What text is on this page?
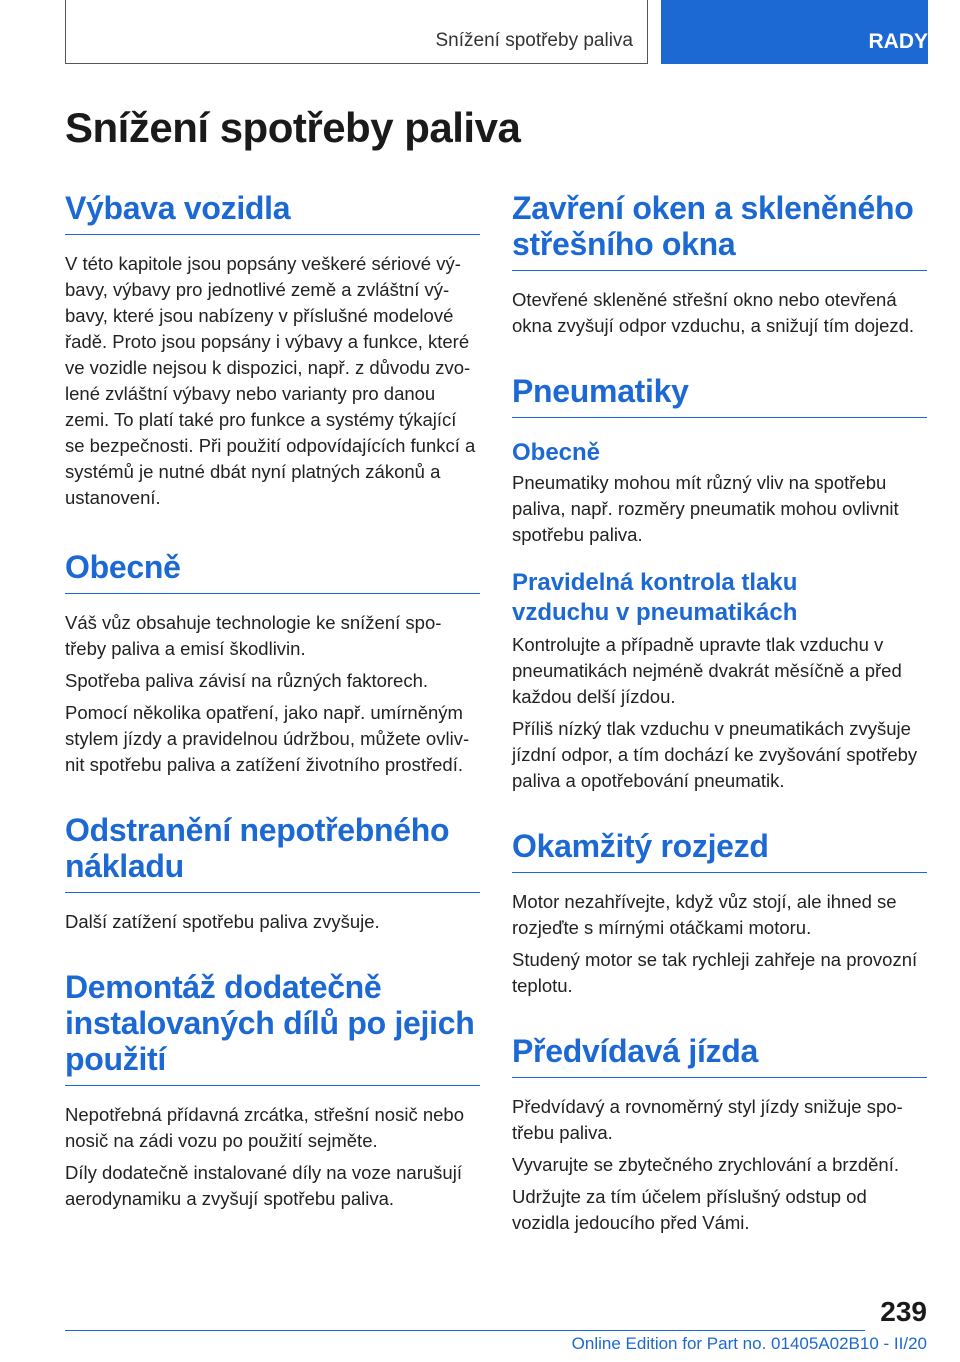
Snížení spotřeby paliva	RADY
Snížení spotřeby paliva
Výbava vozidla

V této kapitole jsou popsány veškeré sériové vý‐
bavy, výbavy pro jednotlivé země a zvláštní vý‐
bavy, které jsou nabízeny v příslušné modelové
řadě. Proto jsou popsány i výbavy a funkce, které
ve vozidle nejsou k dispozici, např. z důvodu zvo‐
lené zvláštní výbavy nebo varianty pro danou
zemi. To platí také pro funkce a systémy týkající
se bezpečnosti. Při použití odpovídajících funkcí a
systémů je nutné dbát nyní platných zákonů a
ustanovení.

Obecně

Váš vůz obsahuje technologie ke snížení spo‐
třeby paliva a emisí škodlivin.

Spotřeba paliva závisí na různých faktorech.

Pomocí několika opatření, jako např. umírněným
stylem jízdy a pravidelnou údržbou, můžete ovliv‐
nit spotřebu paliva a zatížení životního prostředí.

Odstranění nepotřebného
nákladu

Další zatížení spotřebu paliva zvyšuje.

Demontáž dodatečně
instalovaných dílů po jejich
použití

Nepotřebná přídavná zrcátka, střešní nosič nebo
nosič na zádi vozu po použití sejměte.

Díly dodatečně instalované díly na voze narušují
aerodynamiku a zvyšují spotřebu paliva.

Zavření oken a skleněného
střešního okna

Otevřené skleněné střešní okno nebo otevřená
okna zvyšují odpor vzduchu, a snižují tím dojezd.

Pneumatiky
Obecně

Pneumatiky mohou mít různý vliv na spotřebu
paliva, např. rozměry pneumatik mohou ovlivnit
spotřebu paliva.

Pravidelná kontrola tlaku
vzduchu v pneumatikách

Kontrolujte a případně upravte tlak vzduchu v
pneumatikách nejméně dvakrát měsíčně a před
každou delší jízdou.

Příliš nízký tlak vzduchu v pneumatikách zvyšuje
jízdní odpor, a tím dochází ke zvyšování spotřeby
paliva a opotřebování pneumatik.

Okamžitý rozjezd

Motor nezahřívejte, když vůz stojí, ale ihned se
rozjeďte s mírnými otáčkami motoru.

Studený motor se tak rychleji zahřeje na provozní
teplotu.

Předvídavá jízda

Předvídavý a rovnoměrný styl jízdy snižuje spo‐
třebu paliva.

Vyvarujte se zbytečného zrychlování a brzdění.

Udržujte za tím účelem příslušný odstup od
vozidla jedoucího před Vámi.

239
Online Edition for Part no. 01405A02B10 - II/20
